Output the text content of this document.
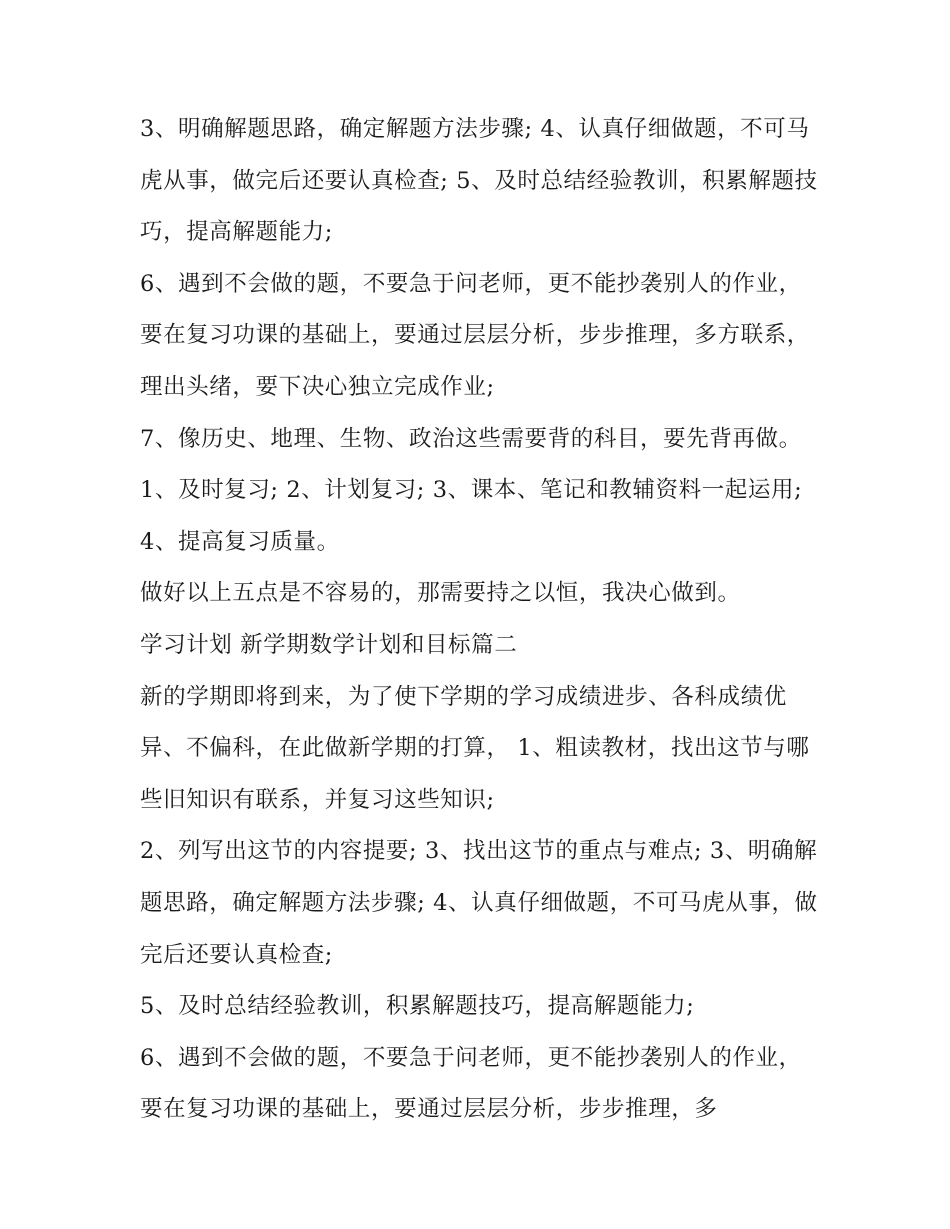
3、明确解题思路，确定解题方法步骤; 4、认真仔细做题，不可马虎从事，做完后还要认真检查; 5、及时总结经验教训，积累解题技巧，提高解题能力;

6、遇到不会做的题，不要急于问老师，更不能抄袭别人的作业，要在复习功课的基础上，要通过层层分析，步步推理，多方联系，理出头绪，要下决心独立完成作业;

7、像历史、地理、生物、政治这些需要背的科目，要先背再做。 1、及时复习; 2、计划复习; 3、课本、笔记和教辅资料一起运用; 4、提高复习质量。

做好以上五点是不容易的，那需要持之以恒，我决心做到。

学习计划 新学期数学计划和目标篇二

新的学期即将到来，为了使下学期的学习成绩进步、各科成绩优异、不偏科，在此做新学期的打算， 1、粗读教材，找出这节与哪些旧知识有联系，并复习这些知识;

2、列写出这节的内容提要; 3、找出这节的重点与难点; 3、明确解题思路，确定解题方法步骤; 4、认真仔细做题，不可马虎从事，做完后还要认真检查;

5、及时总结经验教训，积累解题技巧，提高解题能力;

6、遇到不会做的题，不要急于问老师，更不能抄袭别人的作业，要在复习功课的基础上，要通过层层分析，步步推理，多
